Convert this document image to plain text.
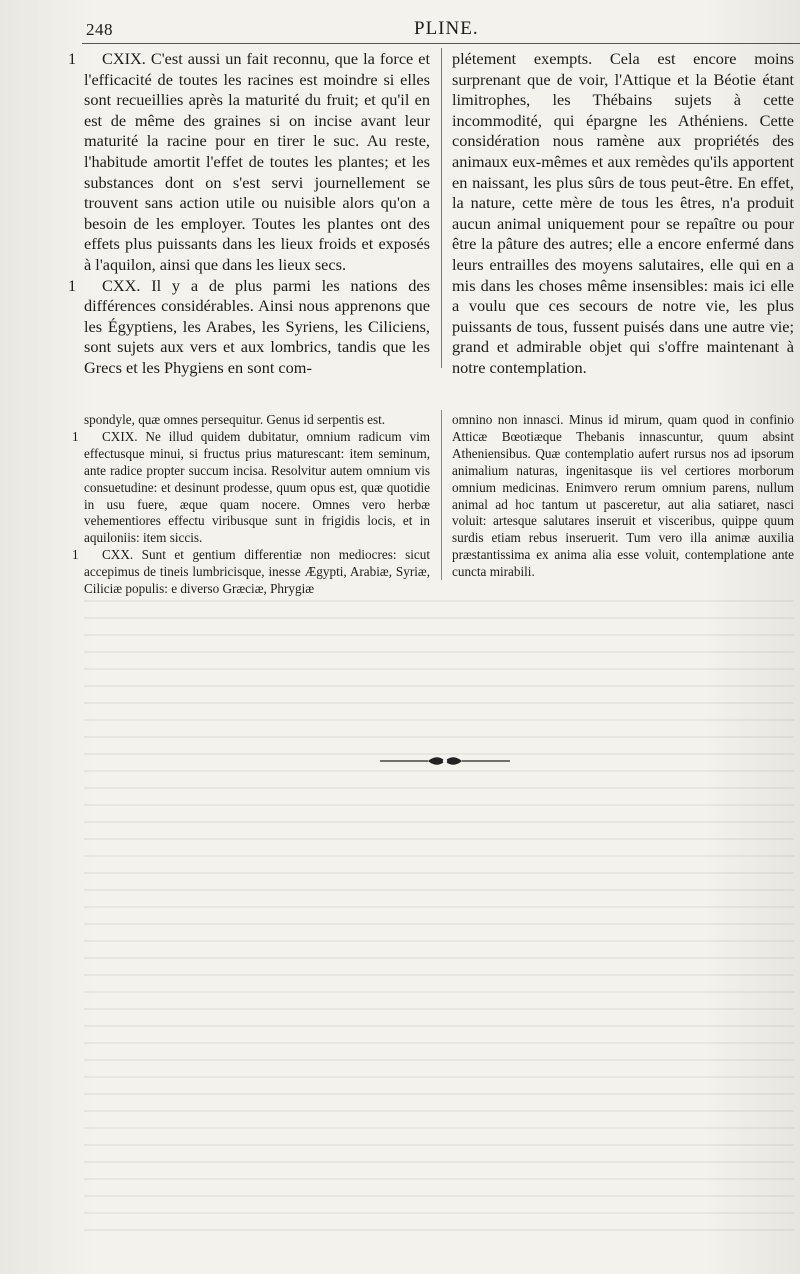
248	PLINE.

1 CXIX. C'est aussi un fait reconnu, que la force et l'efficacité de toutes les racines est moindre si elles sont recueillies après la maturité du fruit; et qu'il en est de même des graines si on incise avant leur maturité la racine pour en tirer le suc. Au reste, l'habitude amortit l'effet de toutes les plantes; et les substances dont on s'est servi journellement se trouvent sans action utile ou nuisible alors qu'on a besoin de les employer. Toutes les plantes ont des effets plus puissants dans les lieux froids et exposés à l'aquilon, ainsi que dans les lieux secs.

1 CXX. Il y a de plus parmi les nations des différences considérables. Ainsi nous apprenons que les Égyptiens, les Arabes, les Syriens, les Ciliciens, sont sujets aux vers et aux lombrics, tandis que les Grecs et les Phygiens en sont com-

plétement exempts. Cela est encore moins surprenant que de voir, l'Attique et la Béotie étant limitrophes, les Thébains sujets à cette incommodité, qui épargne les Athéniens. Cette considération nous ramène aux propriétés des animaux eux-mêmes et aux remèdes qu'ils apportent en naissant, les plus sûrs de tous peut-être. En effet, la nature, cette mère de tous les êtres, n'a produit aucun animal uniquement pour se repaître ou pour être la pâture des autres; elle a encore enfermé dans leurs entrailles des moyens salutaires, elle qui en a mis dans les choses même insensibles: mais ici elle a voulu que ces secours de notre vie, les plus puissants de tous, fussent puisés dans une autre vie; grand et admirable objet qui s'offre maintenant à notre contemplation.

spondyle, quæ omnes persequitur. Genus id serpentis est.

1 CXIX. Ne illud quidem dubitatur, omnium radicum vim effectusque minui, si fructus prius maturescant: item seminum, ante radice propter succum incisa. Resolvitur autem omnium vis consuetudine: et desinunt prodesse, quum opus est, quæ quotidie in usu fuere, æque quam nocere. Omnes vero herbæ vehementiores effectu viribusque sunt in frigidis locis, et in aquiloniis: item siccis.

1 CXX. Sunt et gentium differentiæ non mediocres: sicut accepimus de tineis lumbricisque, inesse Ægypti, Arabiæ, Syriæ, Ciliciæ populis: e diverso Græciæ, Phrygiæ

omnino non innasci. Minus id mirum, quam quod in confinio Atticæ Bœotiæque Thebanis innascuntur, quum absint Atheniensibus. Quæ contemplatio aufert rursus nos ad ipsorum animalium naturas, ingenitasque iis vel certiores morborum omnium medicinas. Enimvero rerum omnium parens, nullum animal ad hoc tantum ut pasceretur, aut alia satiaret, nasci voluit: artesque salutares inseruit et visceribus, quippe quum surdis etiam rebus inseruerit. Tum vero illa animæ auxilia præstantissima ex anima alia esse voluit, contemplatione ante cuncta mirabili.
